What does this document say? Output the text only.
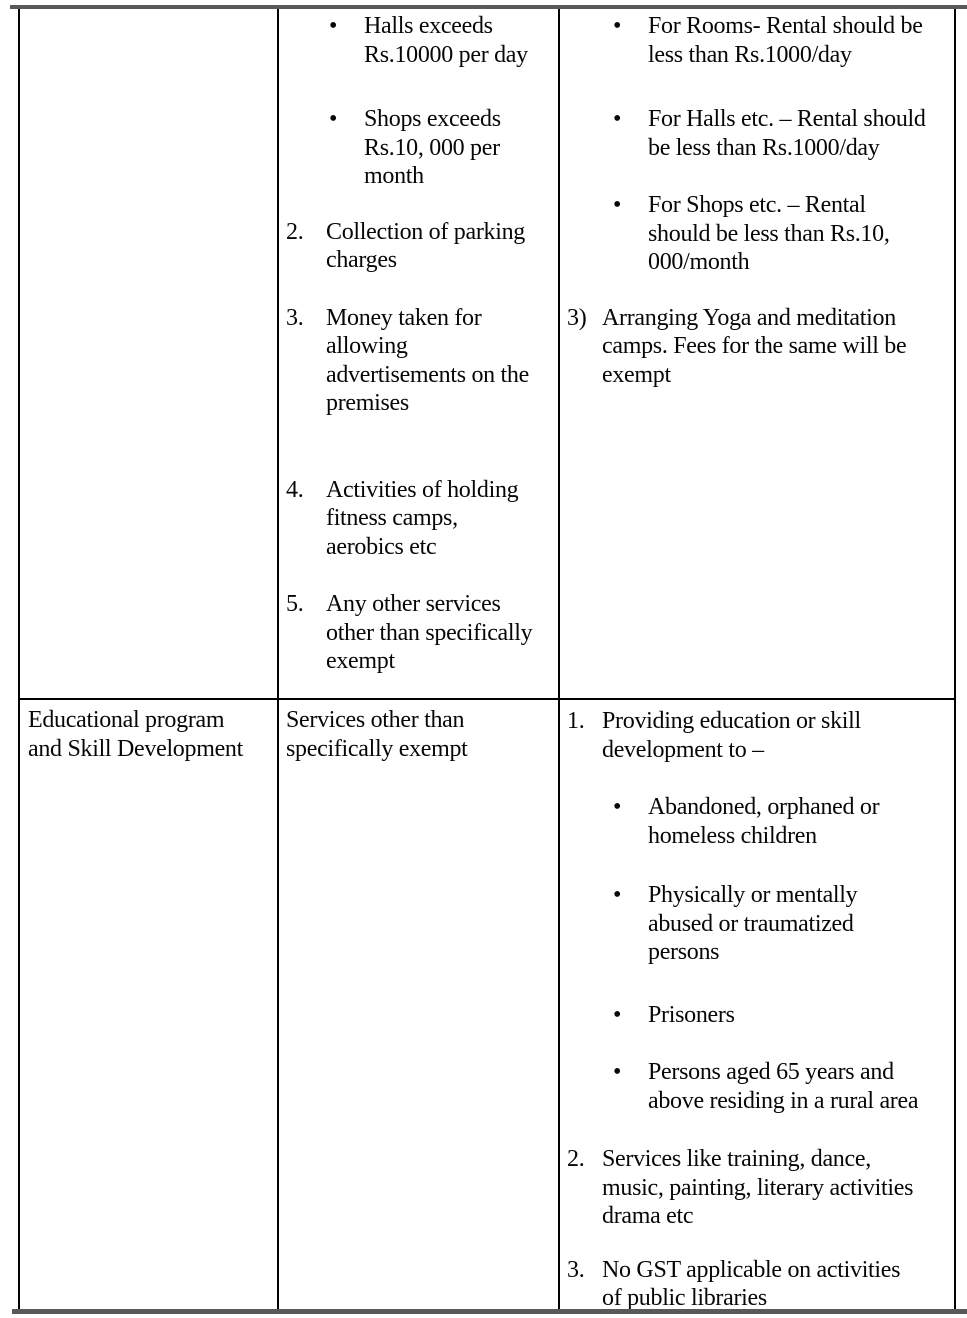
• Halls exceeds
Rs.10000 per day
• Shops exceeds
Rs.10, 000 per
month
2. Collection of parking
charges
3. Money taken for
allowing
advertisements on the
premises
4. Activities of holding
fitness camps,
aerobics etc
5. Any other services
other than specifically
exempt
• For Rooms- Rental should be
less than Rs.1000/day
• For Halls etc. – Rental should
be less than Rs.1000/day
• For Shops etc. – Rental
should be less than Rs.10,
000/month
3) Arranging Yoga and meditation
camps. Fees for the same will be
exempt
Educational program
and Skill Development
Services other than
specifically exempt
1. Providing education or skill
development to –
• Abandoned, orphaned or
homeless children
• Physically or mentally
abused or traumatized
persons
• Prisoners
• Persons aged 65 years and
above residing in a rural area
2. Services like training, dance,
music, painting, literary activities
drama etc
3. No GST applicable on activities
of public libraries
